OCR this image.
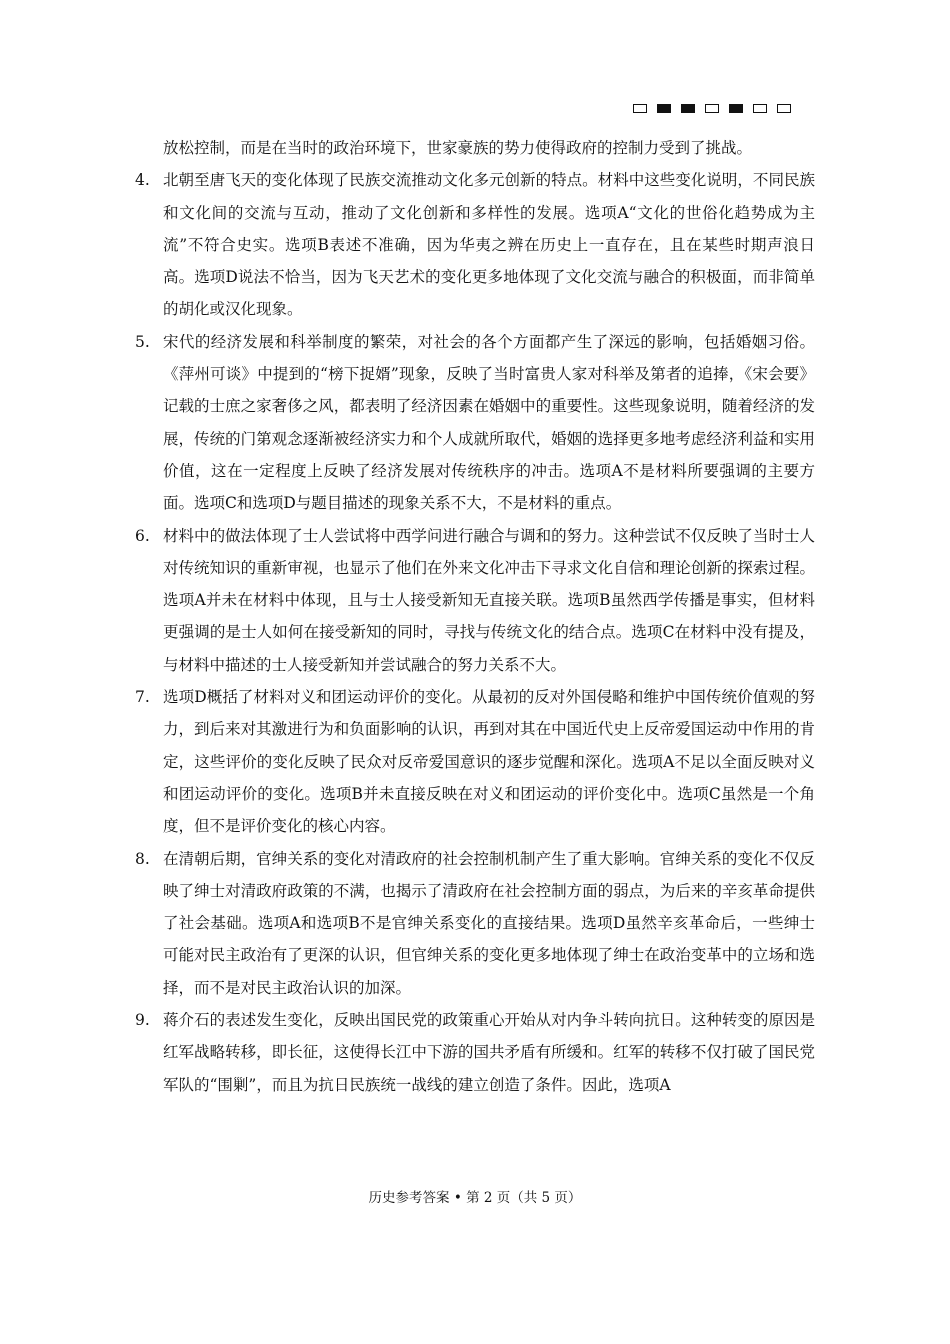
放松控制，而是在当时的政治环境下，世家豪族的势力使得政府的控制力受到了挑战。
4. 北朝至唐飞天的变化体现了民族交流推动文化多元创新的特点。材料中这些变化说明，不同民族和文化间的交流与互动，推动了文化创新和多样性的发展。选项A“文化的世俗化趋势成为主流”不符合史实。选项B表述不准确，因为华夷之辨在历史上一直存在，且在某些时期声浪日高。选项D说法不恰当，因为飞天艺术的变化更多地体现了文化交流与融合的积极面，而非简单的胡化或汉化现象。
5. 宋代的经济发展和科举制度的繁荣，对社会的各个方面都产生了深远的影响，包括婚姻习俗。《萍州可谈》中提到的“榜下捉婿”现象，反映了当时富贵人家对科举及第者的追捧，《宋会要》记载的士庶之家奢侈之风，都表明了经济因素在婚姻中的重要性。这些现象说明，随着经济的发展，传统的门第观念逐渐被经济实力和个人成就所取代，婚姻的选择更多地考虑经济利益和实用价值，这在一定程度上反映了经济发展对传统秩序的冲击。选项A不是材料所要强调的主要方面。选项C和选项D与题目描述的现象关系不大，不是材料的重点。
6. 材料中的做法体现了士人尝试将中西学问进行融合与调和的努力。这种尝试不仅反映了当时士人对传统知识的重新审视，也显示了他们在外来文化冲击下寻求文化自信和理论创新的探索过程。选项A并未在材料中体现，且与士人接受新知无直接关联。选项B虽然西学传播是事实，但材料更强调的是士人如何在接受新知的同时，寻找与传统文化的结合点。选项C在材料中没有提及，与材料中描述的士人接受新知并尝试融合的努力关系不大。
7. 选项D概括了材料对义和团运动评价的变化。从最初的反对外国侵略和维护中国传统价值观的努力，到后来对其激进行为和负面影响的认识，再到对其在中国近代史上反帝爱国运动中作用的肯定，这些评价的变化反映了民众对反帝爱国意识的逐步觉醒和深化。选项A不足以全面反映对义和团运动评价的变化。选项B并未直接反映在对义和团运动的评价变化中。选项C虽然是一个角度，但不是评价变化的核心内容。
8. 在清朝后期，官绅关系的变化对清政府的社会控制机制产生了重大影响。官绅关系的变化不仅反映了绅士对清政府政策的不满，也揭示了清政府在社会控制方面的弱点，为后来的辛亥革命提供了社会基础。选项A和选项B不是官绅关系变化的直接结果。选项D虽然辛亥革命后，一些绅士可能对民主政治有了更深的认识，但官绅关系的变化更多地体现了绅士在政治变革中的立场和选择，而不是对民主政治认识的加深。
9. 蒋介石的表述发生变化，反映出国民党的政策重心开始从对内争斗转向抗日。这种转变的原因是红军战略转移，即长征，这使得长江中下游的国共矛盾有所缓和。红军的转移不仅打破了国民党军队的“围剿”，而且为抗日民族统一战线的建立创造了条件。因此，选项A
历史参考答案 • 第 2 页（共 5 页）
